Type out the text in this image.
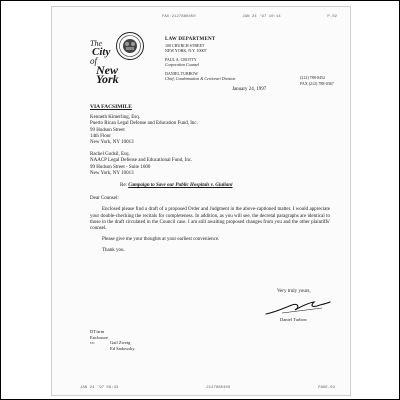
FAX:2127880450	JAN 24 '97 10:14	P.02
The
City
of
New York
LAW DEPARTMENT
100 CHURCH STREET
NEW YORK, N.Y. 10007
PAUL A. CROTTY
Corporation Counsel
DANIEL TURBOW
Chief, Condemnation & Certiorari Division	(212) 788-0452
FAX (212) 788-0367
January 24, 1997
VIA FACSIMILE
Kenneth Kimerling, Esq.
Puerto Rican Legal Defense and Education Fund, Inc.
99 Hudson Street
14th Floor
New York, NY 10013
Rachel Godsil, Esq.
NAACP Legal Defense and Educational Fund, Inc.
99 Hudson Street - Suite 1600
New York, NY 10013
Re: Campaign to Save our Public Hospitals v. Giuliani
Dear Counsel:
Enclosed please find a draft of a proposed Order and Judgment in the above-captioned matter. I would appreciate your double-checking the recitals for completeness. In addition, as you will see, the decretal paragraphs are identical to those in the draft circulated in the Council case. I am still awaiting proposed changes from you and the other plaintiffs' counsel.
Please give me your thoughts at your earliest convenience.
Thank you.
Very truly yours,
Daniel Turbow
DT/arm
Enclosure
cc:	Gail Zweig
Ed Sadowsky
JAN 24 '97 09:33	2127880450	PAGE.02
